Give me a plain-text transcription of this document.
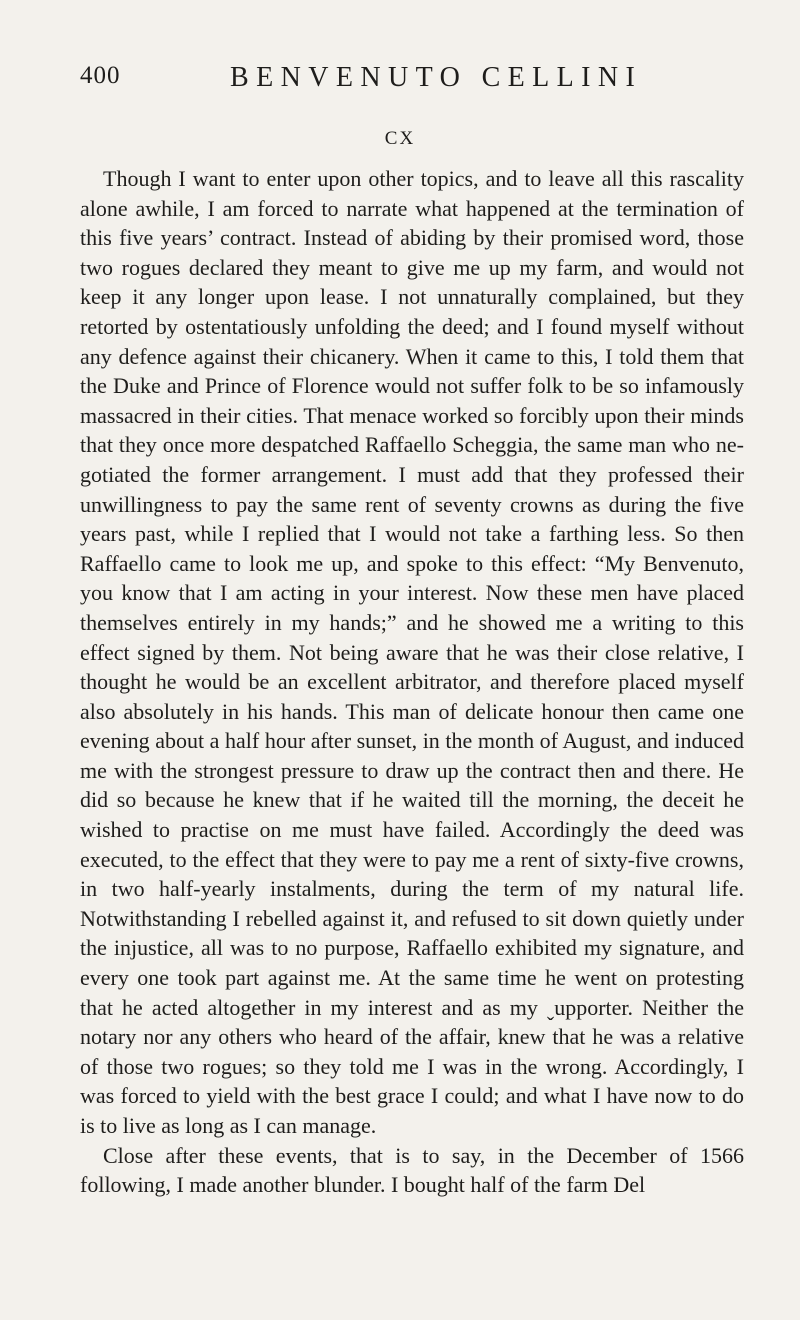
400	BENVENUTO CELLINI
CX

Though I want to enter upon other topics, and to leave all this rascality alone awhile, I am forced to narrate what happened at the termination of this five years’ contract. Instead of abiding by their promised word, those two rogues declared they meant to give me up my farm, and would not keep it any longer upon lease. I not unnaturally complained, but they retorted by ostentatiously unfolding the deed; and I found myself without any defence against their chicanery. When it came to this, I told them that the Duke and Prince of Florence would not suffer folk to be so infamously massacred in their cities. That menace worked so forcibly upon their minds that they once more despatched Raffaello Scheggia, the same man who negotiated the former arrangement. I must add that they professed their unwillingness to pay the same rent of seventy crowns as during the five years past, while I replied that I would not take a farthing less. So then Raffaello came to look me up, and spoke to this effect: “My Benvenuto, you know that I am acting in your interest. Now these men have placed themselves entirely in my hands;” and he showed me a writing to this effect signed by them. Not being aware that he was their close relative, I thought he would be an excellent arbitrator, and therefore placed myself also absolutely in his hands. This man of delicate honour then came one evening about a half hour after sunset, in the month of August, and induced me with the strongest pressure to draw up the contract then and there. He did so because he knew that if he waited till the morning, the deceit he wished to practise on me must have failed. Accordingly the deed was executed, to the effect that they were to pay me a rent of sixty-five crowns, in two half-yearly instalments, during the term of my natural life. Notwithstanding I rebelled against it, and refused to sit down quietly under the injustice, all was to no purpose, Raffaello exhibited my signature, and every one took part against me. At the same time he went on protesting that he acted altogether in my interest and as my ˬupporter. Neither the notary nor any others who heard of the affair, knew that he was a relative of those two rogues; so they told me I was in the wrong. Accordingly, I was forced to yield with the best grace I could; and what I have now to do is to live as long as I can manage.

Close after these events, that is to say, in the December of 1566 following, I made another blunder. I bought half of the farm Del
